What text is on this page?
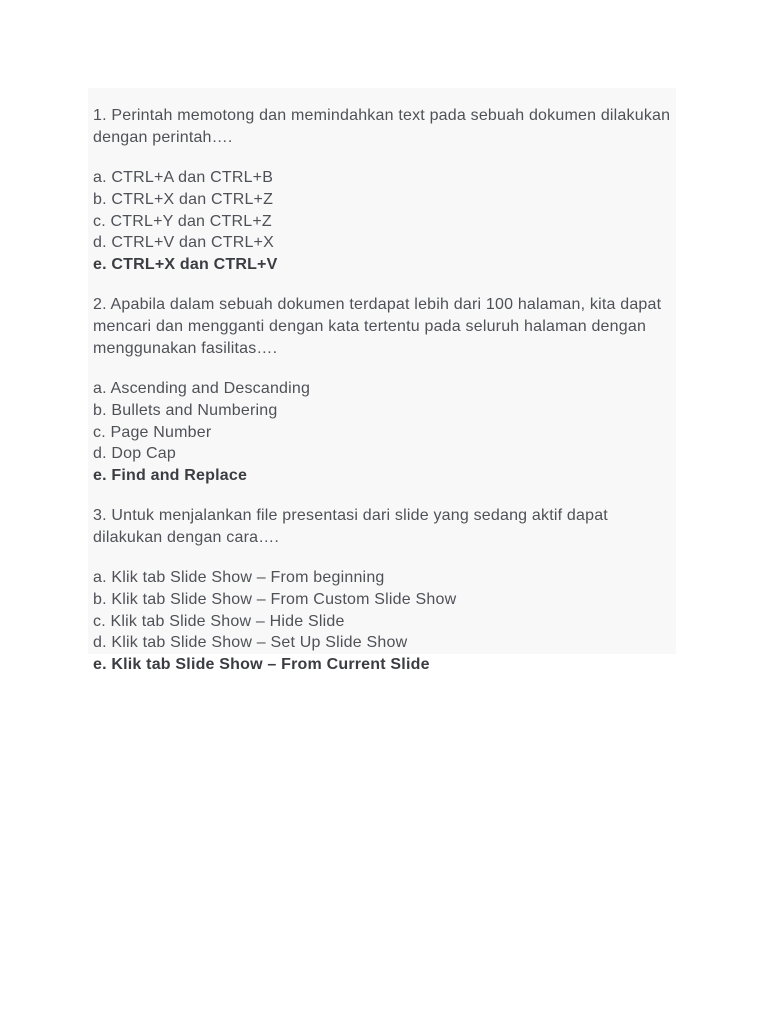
1. Perintah memotong dan memindahkan text pada sebuah dokumen dilakukan dengan perintah….

a. CTRL+A dan CTRL+B
b. CTRL+X dan CTRL+Z
c. CTRL+Y dan CTRL+Z
d. CTRL+V dan CTRL+X
e. CTRL+X dan CTRL+V

2. Apabila dalam sebuah dokumen terdapat lebih dari 100 halaman, kita dapat mencari dan mengganti dengan kata tertentu pada seluruh halaman dengan menggunakan fasilitas….

a. Ascending and Descanding
b. Bullets and Numbering
c. Page Number
d. Dop Cap
e. Find and Replace

3. Untuk menjalankan file presentasi dari slide yang sedang aktif dapat dilakukan dengan cara….

a. Klik tab Slide Show – From beginning
b. Klik tab Slide Show – From Custom Slide Show
c. Klik tab Slide Show – Hide Slide
d. Klik tab Slide Show – Set Up Slide Show
e. Klik tab Slide Show – From Current Slide
